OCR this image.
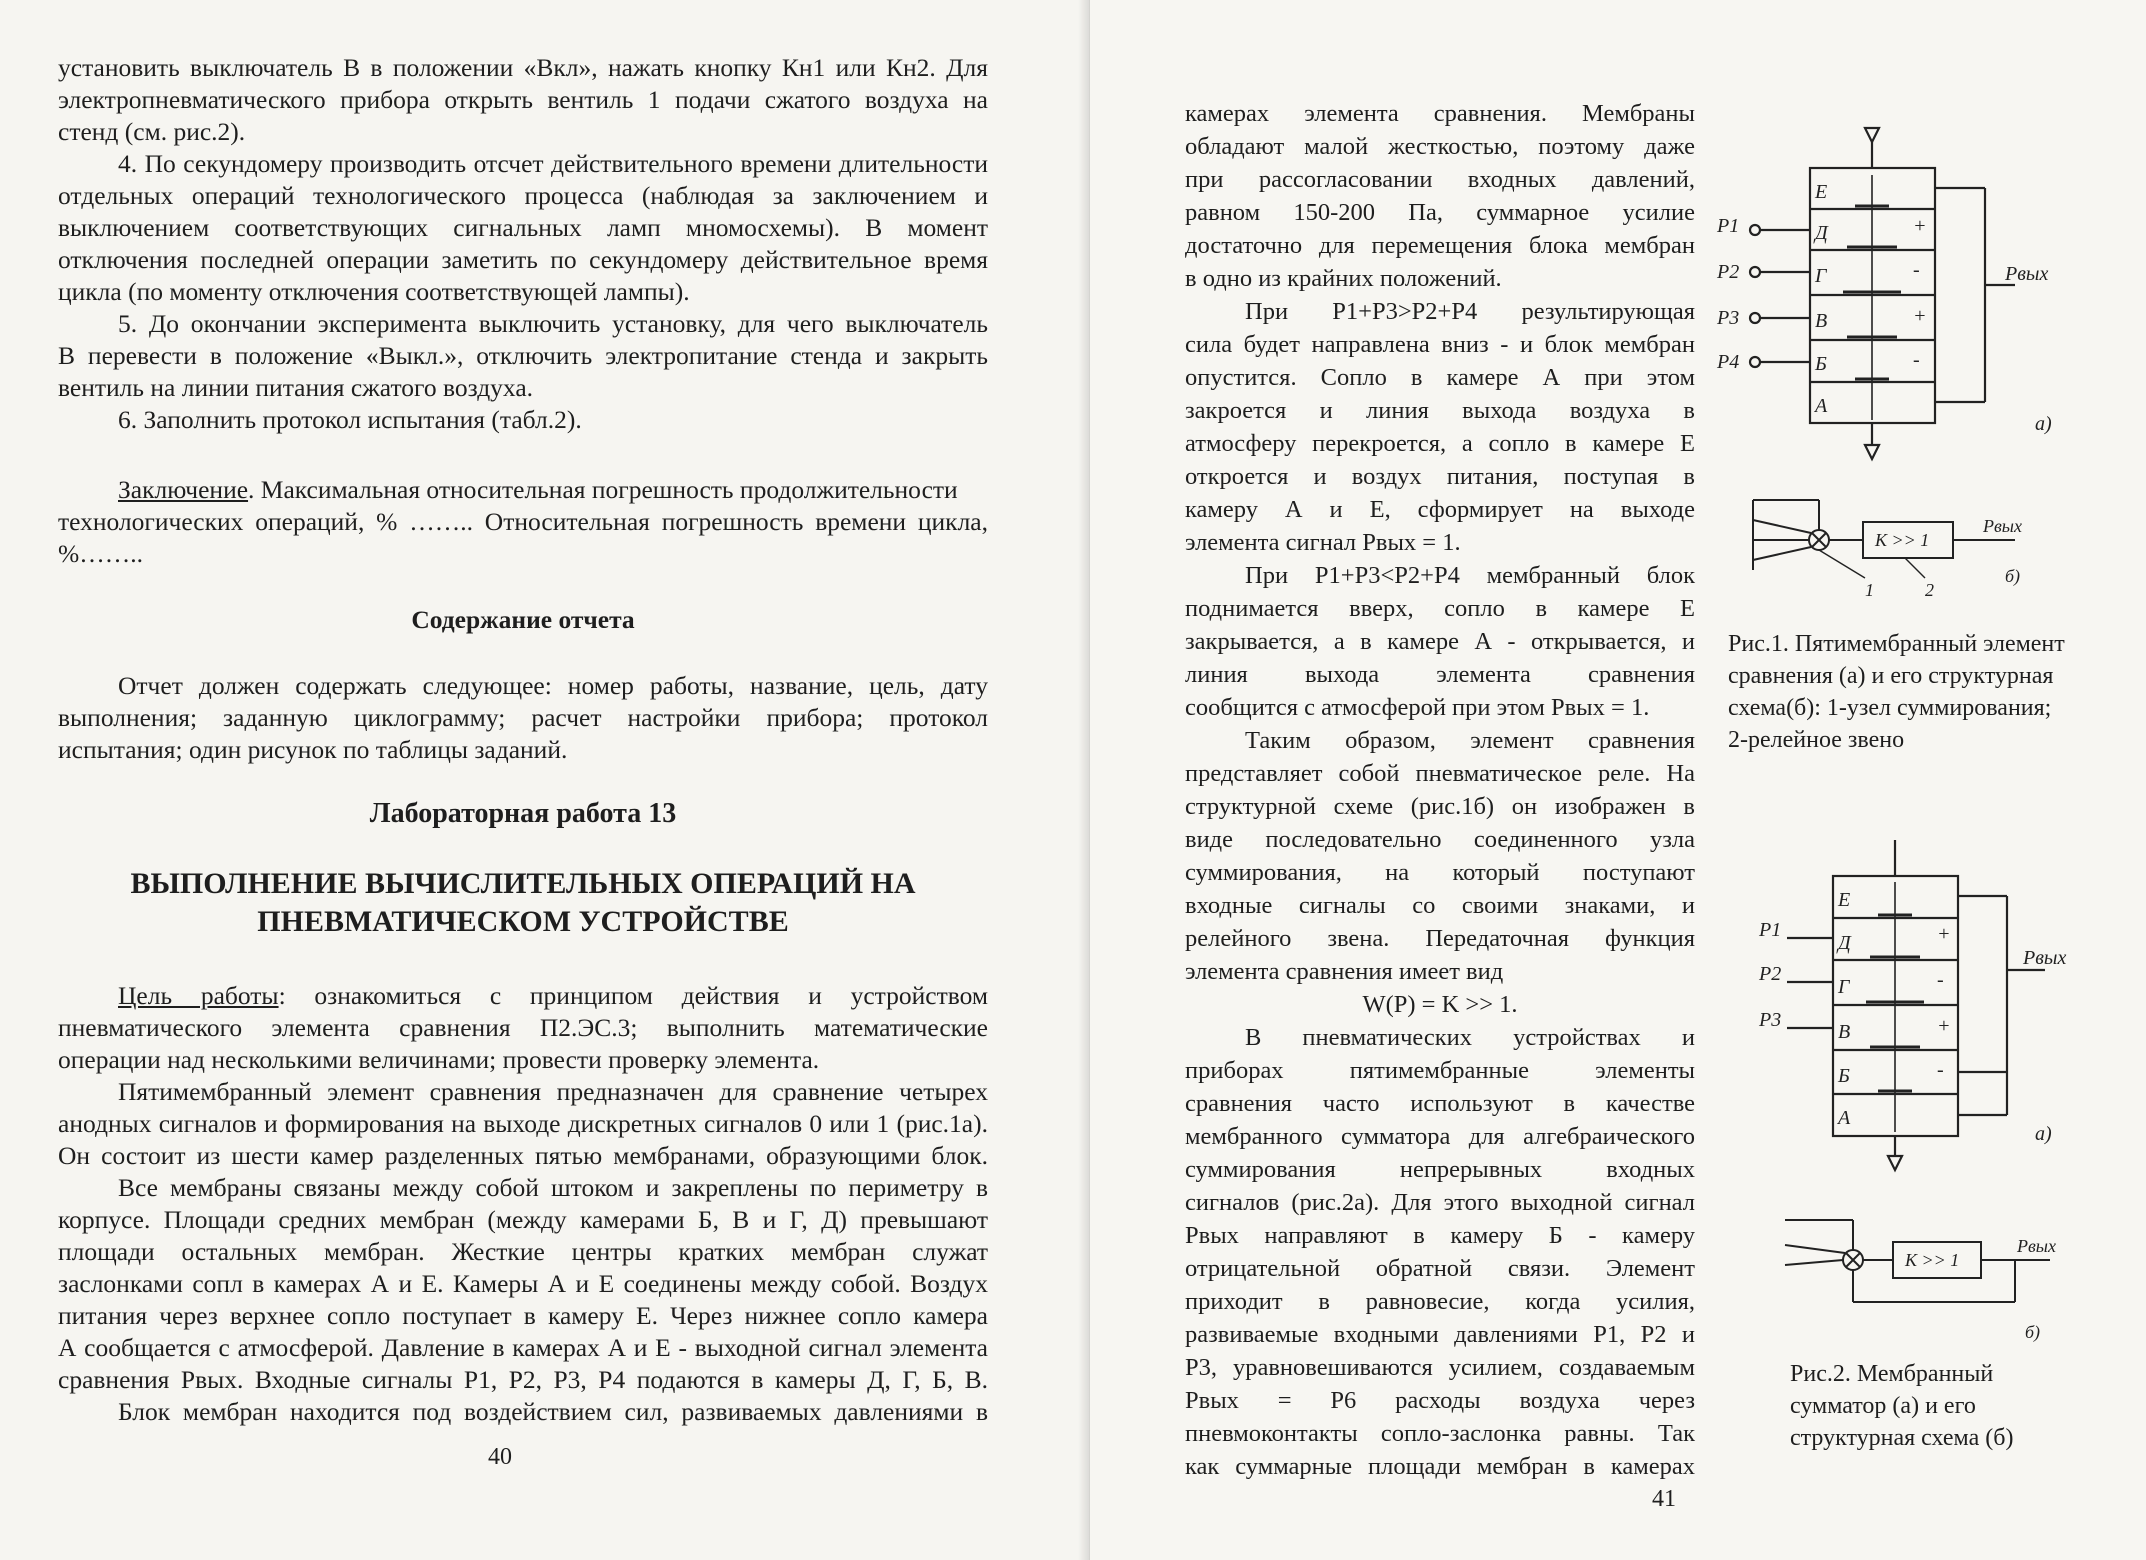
установить выключатель В в положении «Вкл», нажать кнопку Кн1 или Кн2. Для
электропневматического прибора открыть вентиль 1 подачи сжатого воздуха на
стенд (см. рис.2).
4. По секундомеру производить отсчет действительного времени длительности
отдельных операций технологического процесса (наблюдая за заключением и
выключением соответствующих сигнальных ламп мномосхемы). В момент
отключения последней операции заметить по секундомеру действительное время
цикла (по моменту отключения соответствующей лампы).
5. До окончании эксперимента выключить установку, для чего выключатель
В перевести в положение «Выкл.», отключить электропитание стенда и закрыть
вентиль на линии питания сжатого воздуха.
6. Заполнить протокол испытания (табл.2).
Заключение. Максимальная относительная погрешность продолжительности
технологических операций, % …….. Относительная погрешность времени цикла,
%……..
Содержание отчета
Отчет должен содержать следующее: номер работы, название, цель, дату
выполнения; заданную циклограмму; расчет настройки прибора; протокол
испытания; один рисунок по таблицы заданий.
Лабораторная работа 13
ВЫПОЛНЕНИЕ ВЫЧИСЛИТЕЛЬНЫХ ОПЕРАЦИЙ НА
ПНЕВМАТИЧЕСКОМ УСТРОЙСТВЕ
Цель работы: ознакомиться с принципом действия и устройством
пневматического элемента сравнения П2.ЭС.3; выполнить математические
операции над несколькими величинами; провести проверку элемента.
Пятимембранный элемент сравнения предназначен для сравнение четырех
анодных сигналов и формирования на выходе дискретных сигналов 0 или 1 (рис.1а).
Он состоит из шести камер разделенных пятью мембранами, образующими блок.
Все мембраны связаны между собой штоком и закреплены по периметру в
корпусе. Площади средних мембран (между камерами Б, В и Г, Д) превышают
площади остальных мембран. Жесткие центры кратких мембран служат
заслонками сопл в камерах А и Е. Камеры А и Е соединены между собой. Воздух
питания через верхнее сопло поступает в камеру Е. Через нижнее сопло камера
А сообщается с атмосферой. Давление в камерах А и Е - выходной сигнал элемента
сравнения Pвых. Входные сигналы P1, P2, P3, P4 подаются в камеры Д, Г, Б, В.
Блок мембран находится под воздействием сил, развиваемых давлениями в
40
камерах элемента сравнения. Мембраны
обладают малой жесткостью, поэтому даже
при рассогласовании входных давлений,
равном 150-200 Па, суммарное усилие
достаточно для перемещения блока мембран
в одно из крайних положений.
При P1+P3>P2+P4 результирующая
сила будет направлена вниз - и блок мембран
опустится. Сопло в камере А при этом
закроется и линия выхода воздуха в
атмосферу перекроется, а сопло в камере Е
откроется и воздух питания, поступая в
камеру А и Е, сформирует на выходе
элемента сигнал Pвых = 1.
При P1+P3<P2+P4 мембранный блок
поднимается вверх, сопло в камере Е
закрывается, а в камере А - открывается, и
линия выхода элемента сравнения
сообщится с атмосферой при этом Pвых = 1.
Таким образом, элемент сравнения
представляет собой пневматическое реле. На
структурной схеме (рис.1б) он изображен в
виде последовательно соединенного узла
суммирования, на который поступают
входные сигналы со своими знаками, и
релейного звена. Передаточная функция
элемента сравнения имеет вид
W(P) = K >> 1.
В пневматических устройствах и
приборах пятимембранные элементы
сравнения часто используют в качестве
мембранного сумматора для алгебраического
суммирования непрерывных входных
сигналов (рис.2а). Для этого выходной сигнал
Pвых направляют в камеру Б - камеру
отрицательной обратной связи. Элемент
приходит в равновесие, когда усилия,
развиваемые входными давлениями P1, P2 и
P3, уравновешиваются усилием, создаваемым
Pвых = P6 расходы воздуха через
пневмоконтакты сопло-заслонка равны. Так
как суммарные площади мембран в камерах
Е
Д
Г
В
Б
А
P1
P2
P3
P4
+
-
+
-
Pвых
а)
K >> 1
Pвых
1	2
б)
Е
Д
Г
В
Б
А
P1
P2
P3
+
-
+
-
Pвых
а)
K >> 1
Pвых
б)
Рис.1. Пятимембранный элемент
сравнения (а) и его структурная
схема(б): 1-узел суммирования;
2-релейное звено
Рис.2. Мембранный
сумматор (а) и его
структурная схема (б)
41
